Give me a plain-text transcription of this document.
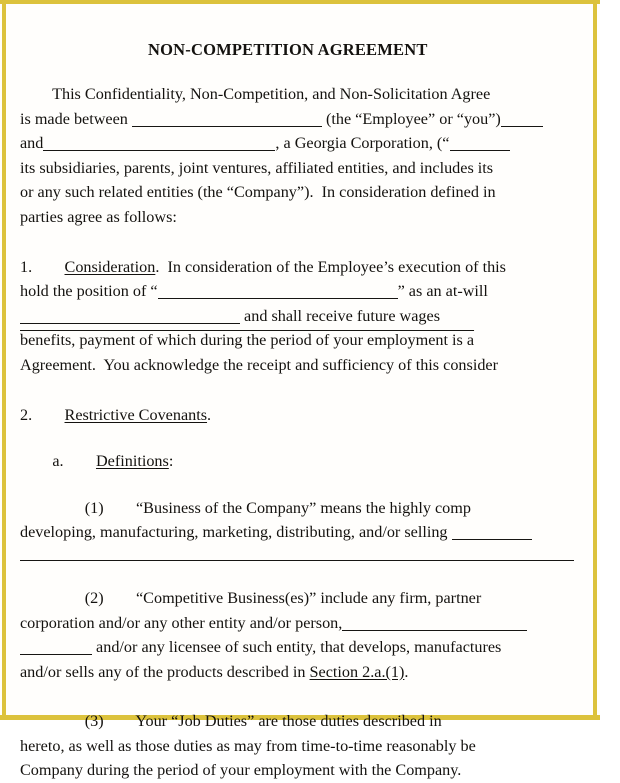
NON-COMPETITION AGREEMENT
This Confidentiality, Non-Competition, and Non-Solicitation Agree
is made between	(the “Employee” or “you”)
and	, a Georgia Corporation, (“
its subsidiaries, parents, joint ventures, affiliated entities, and includes its
or any such related entities (the “Company”).  In consideration defined in
parties agree as follows:
1. Consideration.  In consideration of the Employee’s execution of this
hold the position of “	” as an at-will
and shall receive future wages
benefits, payment of which during the period of your employment is a
Agreement.  You acknowledge the receipt and sufficiency of this consider
2. Restrictive Covenants.
a. Definitions:
(1) “Business of the Company” means the highly comp
developing, manufacturing, marketing, distributing, and/or selling
(2) “Competitive Business(es)” include any firm, partner
corporation and/or any other entity and/or person,
and/or any licensee of such entity, that develops, manufactures
and/or sells any of the products described in Section 2.a.(1).
(3) Your “Job Duties” are those duties described in
hereto, as well as those duties as may from time-to-time reasonably be
Company during the period of your employment with the Company.
